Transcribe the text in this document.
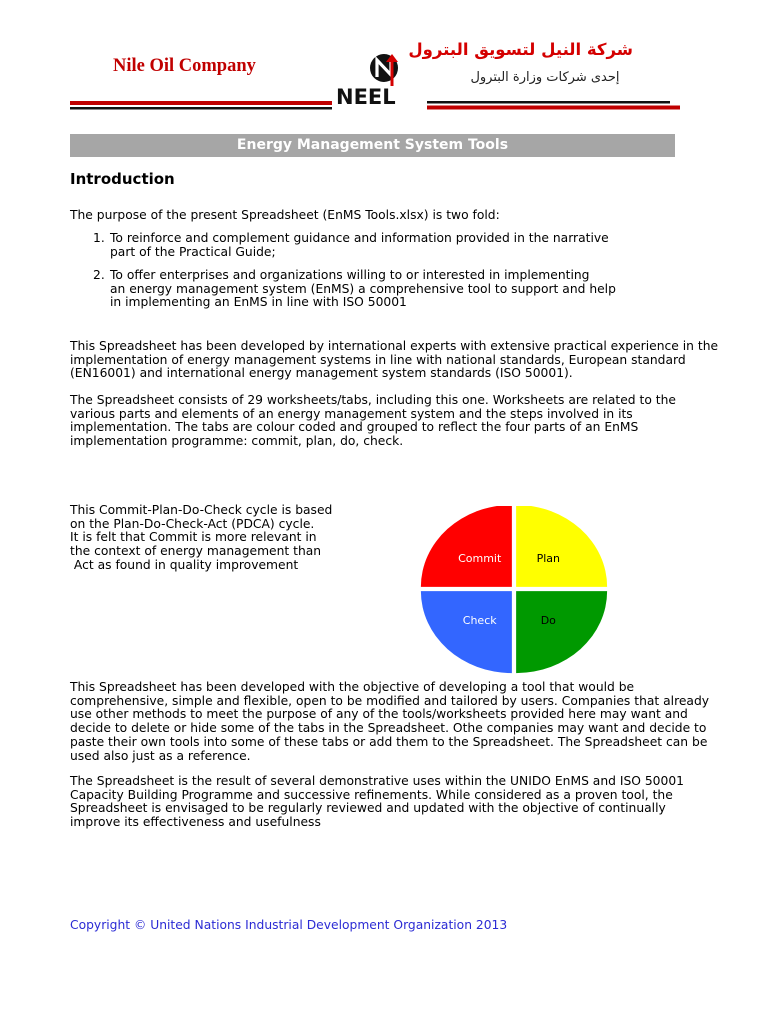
Nile Oil Company
NEEL
شركة النيل لتسويق البترول
إحدى شركات وزارة البترول
Energy Management System Tools
Introduction
The purpose of the present Spreadsheet (EnMS Tools.xlsx) is two fold:
1. To reinforce and complement guidance and information provided in the narrative
part of the Practical Guide;
2. To offer enterprises and organizations willing to or interested in implementing
an energy management system (EnMS) a comprehensive tool to support and help
in implementing an EnMS in line with ISO 50001
This Spreadsheet has been developed by international experts with extensive practical experience in the
implementation of energy management systems in line with national standards, European standard
(EN16001) and international energy management system standards (ISO 50001).
The Spreadsheet consists of 29 worksheets/tabs, including this one. Worksheets are related to the
various parts and elements of an energy management system and the steps involved in its
implementation. The tabs are colour coded and grouped to reflect the four parts of an EnMS
implementation programme: commit, plan, do, check.
This Commit-Plan-Do-Check cycle is based
on the Plan-Do-Check-Act (PDCA) cycle.
It is felt that Commit is more relevant in
the context of energy management than
Act as found in quality improvement	Commit	Plan
Do
Check
This Spreadsheet has been developed with the objective of developing a tool that would be
comprehensive, simple and flexible, open to be modified and tailored by users. Companies that already
use other methods to meet the purpose of any of the tools/worksheets provided here may want and
decide to delete or hide some of the tabs in the Spreadsheet. Othe companies may want and decide to
paste their own tools into some of these tabs or add them to the Spreadsheet. The Spreadsheet can be
used also just as a reference.
The Spreadsheet is the result of several demonstrative uses within the UNIDO EnMS and ISO 50001
Capacity Building Programme and successive refinements. While considered as a proven tool, the
Spreadsheet is envisaged to be regularly reviewed and updated with the objective of continually
improve its effectiveness and usefulness
Copyright © United Nations Industrial Development Organization 2013
